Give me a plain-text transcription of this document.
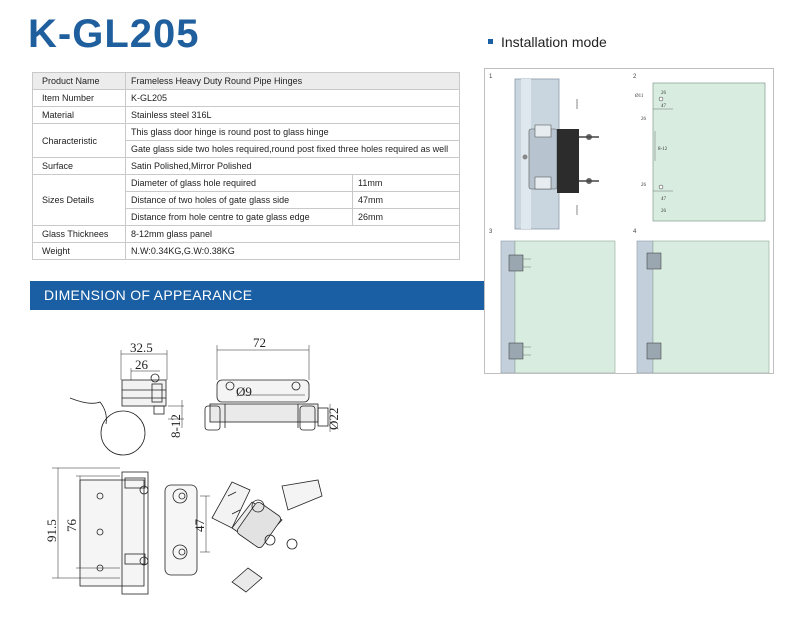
K-GL205
Product Name	Frameless Heavy Duty Round Pipe Hinges	
Item Number	K-GL205	
Material	Stainless steel 316L	
Characteristic	This glass door hinge is round post to glass hinge	
	Gate glass side two holes required,round post fixed three holes required as well	
Surface	Satin Polished,Mirror Polished	
Sizes Details	Diameter of glass hole required	11mm
	Distance of two holes of gate glass side	47mm
	Distance from hole centre to gate glass edge	26mm
Glass Thicknees	8-12mm glass panel	
Weight	N.W:0.34KG,G.W:0.38KG	
DIMENSION OF APPEARANCE
32.5
26
8-12
72
Ø9
Ø22
91.5 76	47
Installation mode
1	2
3	4
Ø11
26
47
26
8-12
26
47
26
